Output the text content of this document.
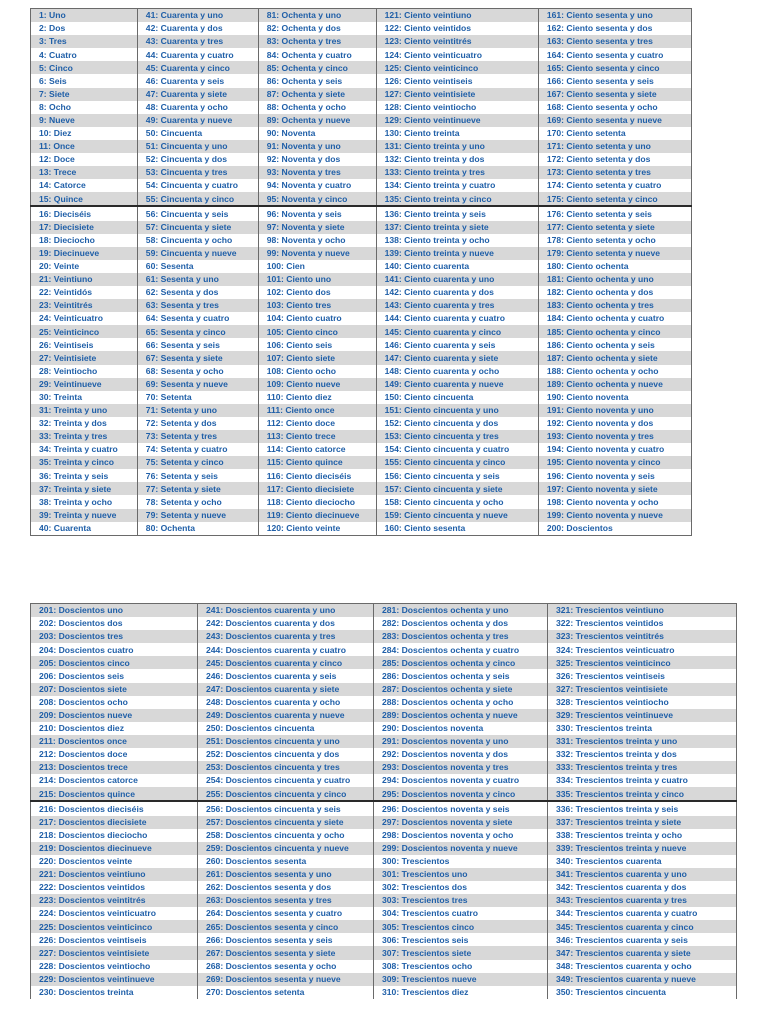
1: Uno	41: Cuarenta y uno	81: Ochenta y uno	121: Ciento veintiuno	161: Ciento sesenta y uno
2: Dos	42: Cuarenta y dos	82: Ochenta y dos	122: Ciento veintidos	162: Ciento sesenta y dos
3: Tres	43: Cuarenta y tres	83: Ochenta y tres	123: Ciento veintitrés	163: Ciento sesenta y tres
4: Cuatro	44: Cuarenta y cuatro	84: Ochenta y cuatro	124: Ciento veinticuatro	164: Ciento sesenta y cuatro
5: Cinco	45: Cuarenta y cinco	85: Ochenta y cinco	125: Ciento veinticinco	165: Ciento sesenta y cinco
6: Seis	46: Cuarenta y seis	86: Ochenta y seis	126: Ciento veintiseis	166: Ciento sesenta y seis
7: Siete	47: Cuarenta y siete	87: Ochenta y siete	127: Ciento veintisiete	167: Ciento sesenta y siete
8: Ocho	48: Cuarenta y ocho	88: Ochenta y ocho	128: Ciento veintiocho	168: Ciento sesenta y ocho
9: Nueve	49: Cuarenta y nueve	89: Ochenta y nueve	129: Ciento veintinueve	169: Ciento sesenta y nueve
10: Diez	50: Cincuenta	90: Noventa	130: Ciento treinta	170: Ciento setenta
11: Once	51: Cincuenta y uno	91: Noventa y uno	131: Ciento treinta y uno	171: Ciento setenta y uno
12: Doce	52: Cincuenta y dos	92: Noventa y dos	132: Ciento treinta y dos	172: Ciento setenta y dos
13: Trece	53: Cincuenta y tres	93: Noventa y tres	133: Ciento treinta y tres	173: Ciento setenta y tres
14: Catorce	54: Cincuenta y cuatro	94: Noventa y cuatro	134: Ciento treinta y cuatro	174: Ciento setenta y cuatro
15: Quince	55: Cincuenta y cinco	95: Noventa y cinco	135: Ciento treinta y cinco	175: Ciento setenta y cinco
16: Dieciséis	56: Cincuenta y seis	96: Noventa y seis	136: Ciento treinta y seis	176: Ciento setenta y seis
17: Diecisiete	57: Cincuenta y siete	97: Noventa y siete	137: Ciento treinta y siete	177: Ciento setenta y siete
18: Dieciocho	58: Cincuenta y ocho	98: Noventa y ocho	138: Ciento treinta y ocho	178: Ciento setenta y ocho
19: Diecinueve	59: Cincuenta y nueve	99: Noventa y nueve	139: Ciento treinta y nueve	179: Ciento setenta y nueve
20: Veinte	60: Sesenta	100: Cien	140: Ciento cuarenta	180: Ciento ochenta
21: Veintiuno	61: Sesenta y uno	101: Ciento uno	141: Ciento cuarenta y uno	181: Ciento ochenta y uno
22: Veintidós	62: Sesenta y dos	102: Ciento dos	142: Ciento cuarenta y dos	182: Ciento ochenta y dos
23: Veintitrés	63: Sesenta y tres	103: Ciento tres	143: Ciento cuarenta y tres	183: Ciento ochenta y tres
24: Veinticuatro	64: Sesenta y cuatro	104: Ciento cuatro	144: Ciento cuarenta y cuatro	184: Ciento ochenta y cuatro
25: Veinticinco	65: Sesenta y cinco	105: Ciento cinco	145: Ciento cuarenta y cinco	185: Ciento ochenta y cinco
26: Veintiseis	66: Sesenta y seis	106: Ciento seis	146: Ciento cuarenta y seis	186: Ciento ochenta y seis
27: Veintisiete	67: Sesenta y siete	107: Ciento siete	147: Ciento cuarenta y siete	187: Ciento ochenta y siete
28: Veintiocho	68: Sesenta y ocho	108: Ciento ocho	148: Ciento cuarenta y ocho	188: Ciento ochenta y ocho
29: Veintinueve	69: Sesenta y nueve	109: Ciento nueve	149: Ciento cuarenta y nueve	189: Ciento ochenta y nueve
30: Treinta	70: Setenta	110: Ciento diez	150: Ciento cincuenta	190: Ciento noventa
31: Treinta y uno	71: Setenta y uno	111: Ciento once	151: Ciento cincuenta y uno	191: Ciento noventa y uno
32: Treinta y dos	72: Setenta y dos	112: Ciento doce	152: Ciento cincuenta y dos	192: Ciento noventa y dos
33: Treinta y tres	73: Setenta y tres	113: Ciento trece	153: Ciento cincuenta y tres	193: Ciento noventa y tres
34: Treinta y cuatro	74: Setenta y cuatro	114: Ciento catorce	154: Ciento cincuenta y cuatro	194: Ciento noventa y cuatro
35: Treinta y cinco	75: Setenta y cinco	115: Ciento quince	155: Ciento cincuenta y cinco	195: Ciento noventa y cinco
36: Treinta y seis	76: Setenta y seis	116: Ciento dieciséis	156: Ciento cincuenta y seis	196: Ciento noventa y seis
37: Treinta y siete	77: Setenta y siete	117: Ciento diecisiete	157: Ciento cincuenta y siete	197: Ciento noventa y siete
38: Treinta y ocho	78: Setenta y ocho	118: Ciento dieciocho	158: Ciento cincuenta y ocho	198: Ciento noventa y ocho
39: Treinta y nueve	79: Setenta y nueve	119: Ciento diecinueve	159: Ciento cincuenta y nueve	199: Ciento noventa y nueve
40: Cuarenta	80: Ochenta	120: Ciento veinte	160: Ciento sesenta	200: Doscientos
201: Doscientos uno	241: Doscientos cuarenta y uno	281: Doscientos ochenta y uno	321: Trescientos veintiuno
202: Doscientos dos	242: Doscientos cuarenta y dos	282: Doscientos ochenta y dos	322: Trescientos veintidos
203: Doscientos tres	243: Doscientos cuarenta y tres	283: Doscientos ochenta y tres	323: Trescientos veintitrés
204: Doscientos cuatro	244: Doscientos cuarenta y cuatro	284: Doscientos ochenta y cuatro	324: Trescientos veinticuatro
205: Doscientos cinco	245: Doscientos cuarenta y cinco	285: Doscientos ochenta y cinco	325: Trescientos veinticinco
206: Doscientos seis	246: Doscientos cuarenta y seis	286: Doscientos ochenta y seis	326: Trescientos veintiseis
207: Doscientos siete	247: Doscientos cuarenta y siete	287: Doscientos ochenta y siete	327: Trescientos veintisiete
208: Doscientos ocho	248: Doscientos cuarenta y ocho	288: Doscientos ochenta y ocho	328: Trescientos veintiocho
209: Doscientos nueve	249: Doscientos cuarenta y nueve	289: Doscientos ochenta y nueve	329: Trescientos veintinueve
210: Doscientos diez	250: Doscientos cincuenta	290: Doscientos noventa	330: Trescientos treinta
211: Doscientos once	251: Doscientos cincuenta y uno	291: Doscientos noventa y uno	331: Trescientos treinta y uno
212: Doscientos doce	252: Doscientos cincuenta y dos	292: Doscientos noventa y dos	332: Trescientos treinta y dos
213: Doscientos trece	253: Doscientos cincuenta y tres	293: Doscientos noventa y tres	333: Trescientos treinta y tres
214: Doscientos catorce	254: Doscientos cincuenta y cuatro	294: Doscientos noventa y cuatro	334: Trescientos treinta y cuatro
215: Doscientos quince	255: Doscientos cincuenta y cinco	295: Doscientos noventa y cinco	335: Trescientos treinta y cinco
216: Doscientos dieciséis	256: Doscientos cincuenta y seis	296: Doscientos noventa y seis	336: Trescientos treinta y seis
217: Doscientos diecisiete	257: Doscientos cincuenta y siete	297: Doscientos noventa y siete	337: Trescientos treinta y siete
218: Doscientos dieciocho	258: Doscientos cincuenta y ocho	298: Doscientos noventa y ocho	338: Trescientos treinta y ocho
219: Doscientos diecinueve	259: Doscientos cincuenta y nueve	299: Doscientos noventa y nueve	339: Trescientos treinta y nueve
220: Doscientos veinte	260: Doscientos sesenta	300: Trescientos	340: Trescientos cuarenta
221: Doscientos veintiuno	261: Doscientos sesenta y uno	301: Trescientos uno	341: Trescientos cuarenta y uno
222: Doscientos veintidos	262: Doscientos sesenta y dos	302: Trescientos dos	342: Trescientos cuarenta y dos
223: Doscientos veintitrés	263: Doscientos sesenta y tres	303: Trescientos tres	343: Trescientos cuarenta y tres
224: Doscientos veinticuatro	264: Doscientos sesenta y cuatro	304: Trescientos cuatro	344: Trescientos cuarenta y cuatro
225: Doscientos veinticinco	265: Doscientos sesenta y cinco	305: Trescientos cinco	345: Trescientos cuarenta y cinco
226: Doscientos veintiseis	266: Doscientos sesenta y seis	306: Trescientos seis	346: Trescientos cuarenta y seis
227: Doscientos veintisiete	267: Doscientos sesenta y siete	307: Trescientos siete	347: Trescientos cuarenta y siete
228: Doscientos veintiocho	268: Doscientos sesenta y ocho	308: Trescientos ocho	348: Trescientos cuarenta y ocho
229: Doscientos veintinueve	269: Doscientos sesenta y nueve	309: Trescientos nueve	349: Trescientos cuarenta y nueve
230: Doscientos treinta	270: Doscientos setenta	310: Trescientos diez	350: Trescientos cincuenta
